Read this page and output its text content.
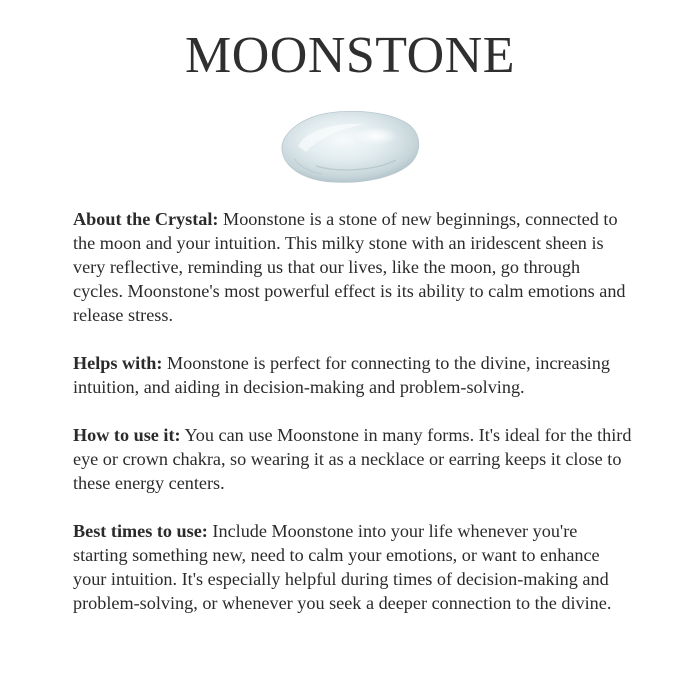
MOONSTONE

About the Crystal: Moonstone is a stone of new beginnings, connected to the moon and your intuition. This milky stone with an iridescent sheen is very reflective, reminding us that our lives, like the moon, go through cycles. Moonstone's most powerful effect is its ability to calm emotions and release stress.

Helps with: Moonstone is perfect for connecting to the divine, increasing intuition, and aiding in decision-making and problem-solving.

How to use it: You can use Moonstone in many forms. It's ideal for the third eye or crown chakra, so wearing it as a necklace or earring keeps it close to these energy centers.

Best times to use: Include Moonstone into your life whenever you're starting something new, need to calm your emotions, or want to enhance your intuition. It's especially helpful during times of decision-making and problem-solving, or whenever you seek a deeper connection to the divine.
